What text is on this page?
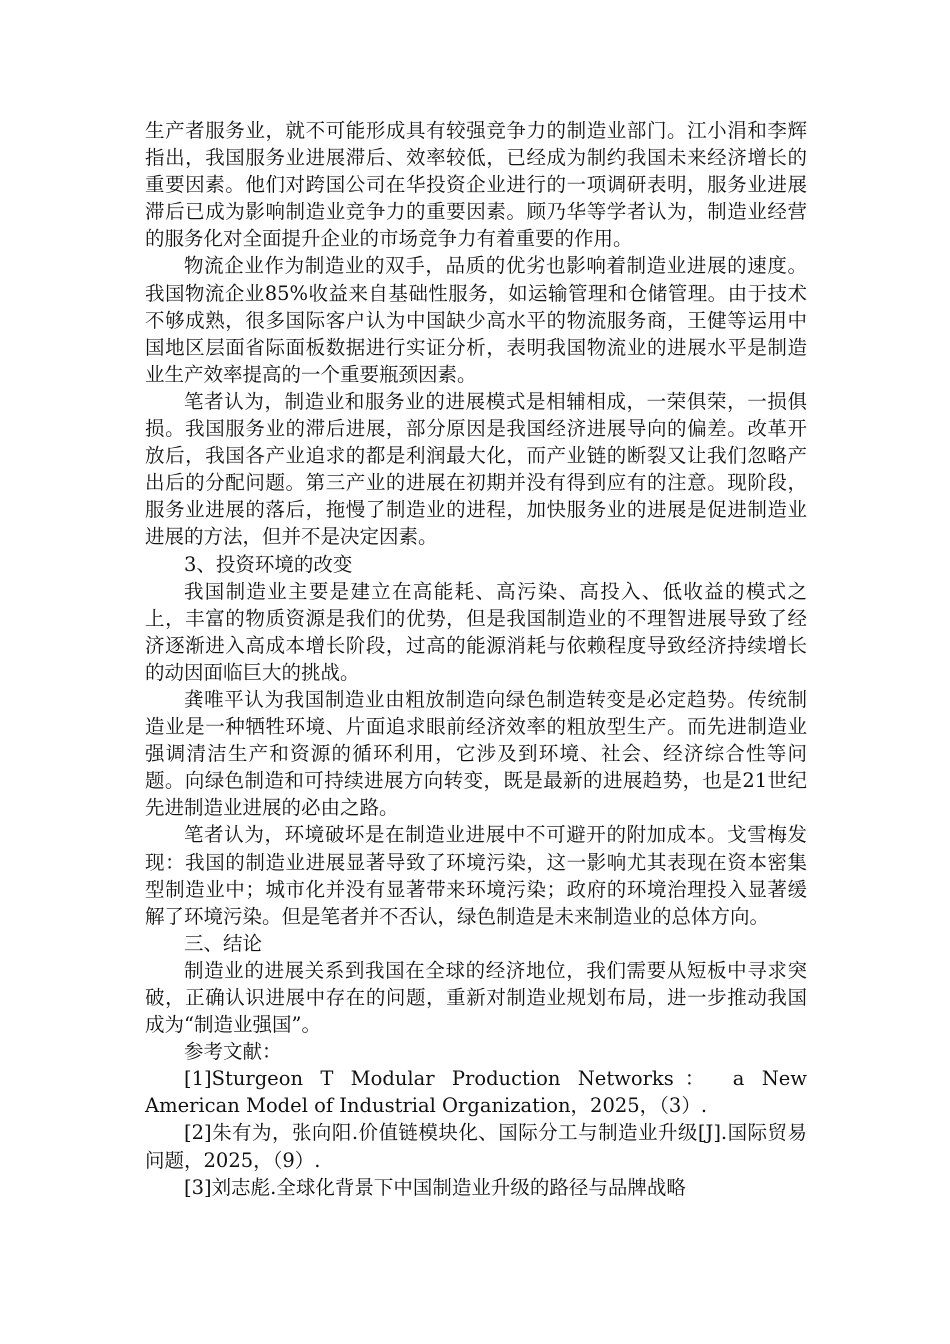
生产者服务业，就不可能形成具有较强竞争力的制造业部门。江小涓和李辉指出，我国服务业进展滞后、效率较低，已经成为制约我国未来经济增长的重要因素。他们对跨国公司在华投资企业进行的一项调研表明，服务业进展滞后已成为影响制造业竞争力的重要因素。顾乃华等学者认为，制造业经营的服务化对全面提升企业的市场竞争力有着重要的作用。

物流企业作为制造业的双手，品质的优劣也影响着制造业进展的速度。我国物流企业85%收益来自基础性服务，如运输管理和仓储管理。由于技术不够成熟，很多国际客户认为中国缺少高水平的物流服务商，王健等运用中国地区层面省际面板数据进行实证分析，表明我国物流业的进展水平是制造业生产效率提高的一个重要瓶颈因素。

笔者认为，制造业和服务业的进展模式是相辅相成，一荣俱荣，一损俱损。我国服务业的滞后进展，部分原因是我国经济进展导向的偏差。改革开放后，我国各产业追求的都是利润最大化，而产业链的断裂又让我们忽略产出后的分配问题。第三产业的进展在初期并没有得到应有的注意。现阶段，服务业进展的落后，拖慢了制造业的进程，加快服务业的进展是促进制造业进展的方法，但并不是决定因素。

3、投资环境的改变

我国制造业主要是建立在高能耗、高污染、高投入、低收益的模式之上，丰富的物质资源是我们的优势，但是我国制造业的不理智进展导致了经济逐渐进入高成本增长阶段，过高的能源消耗与依赖程度导致经济持续增长的动因面临巨大的挑战。

龚唯平认为我国制造业由粗放制造向绿色制造转变是必定趋势。传统制造业是一种牺牲环境、片面追求眼前经济效率的粗放型生产。而先进制造业强调清洁生产和资源的循环利用，它涉及到环境、社会、经济综合性等问题。向绿色制造和可持续进展方向转变，既是最新的进展趋势，也是21世纪先进制造业进展的必由之路。

笔者认为，环境破坏是在制造业进展中不可避开的附加成本。戈雪梅发现：我国的制造业进展显著导致了环境污染，这一影响尤其表现在资本密集型制造业中；城市化并没有显著带来环境污染；政府的环境治理投入显著缓解了环境污染。但是笔者并不否认，绿色制造是未来制造业的总体方向。

三、结论

制造业的进展关系到我国在全球的经济地位，我们需要从短板中寻求突破，正确认识进展中存在的问题，重新对制造业规划布局，进一步推动我国成为“制造业强国”。

参考文献：

[1]Sturgeon T Modular Production Networks： a New American Model of Industrial Organization，2025，（3）.

[2]朱有为，张向阳.价值链模块化、国际分工与制造业升级[J].国际贸易问题，2025，（9）.

[3]刘志彪.全球化背景下中国制造业升级的路径与品牌战略
